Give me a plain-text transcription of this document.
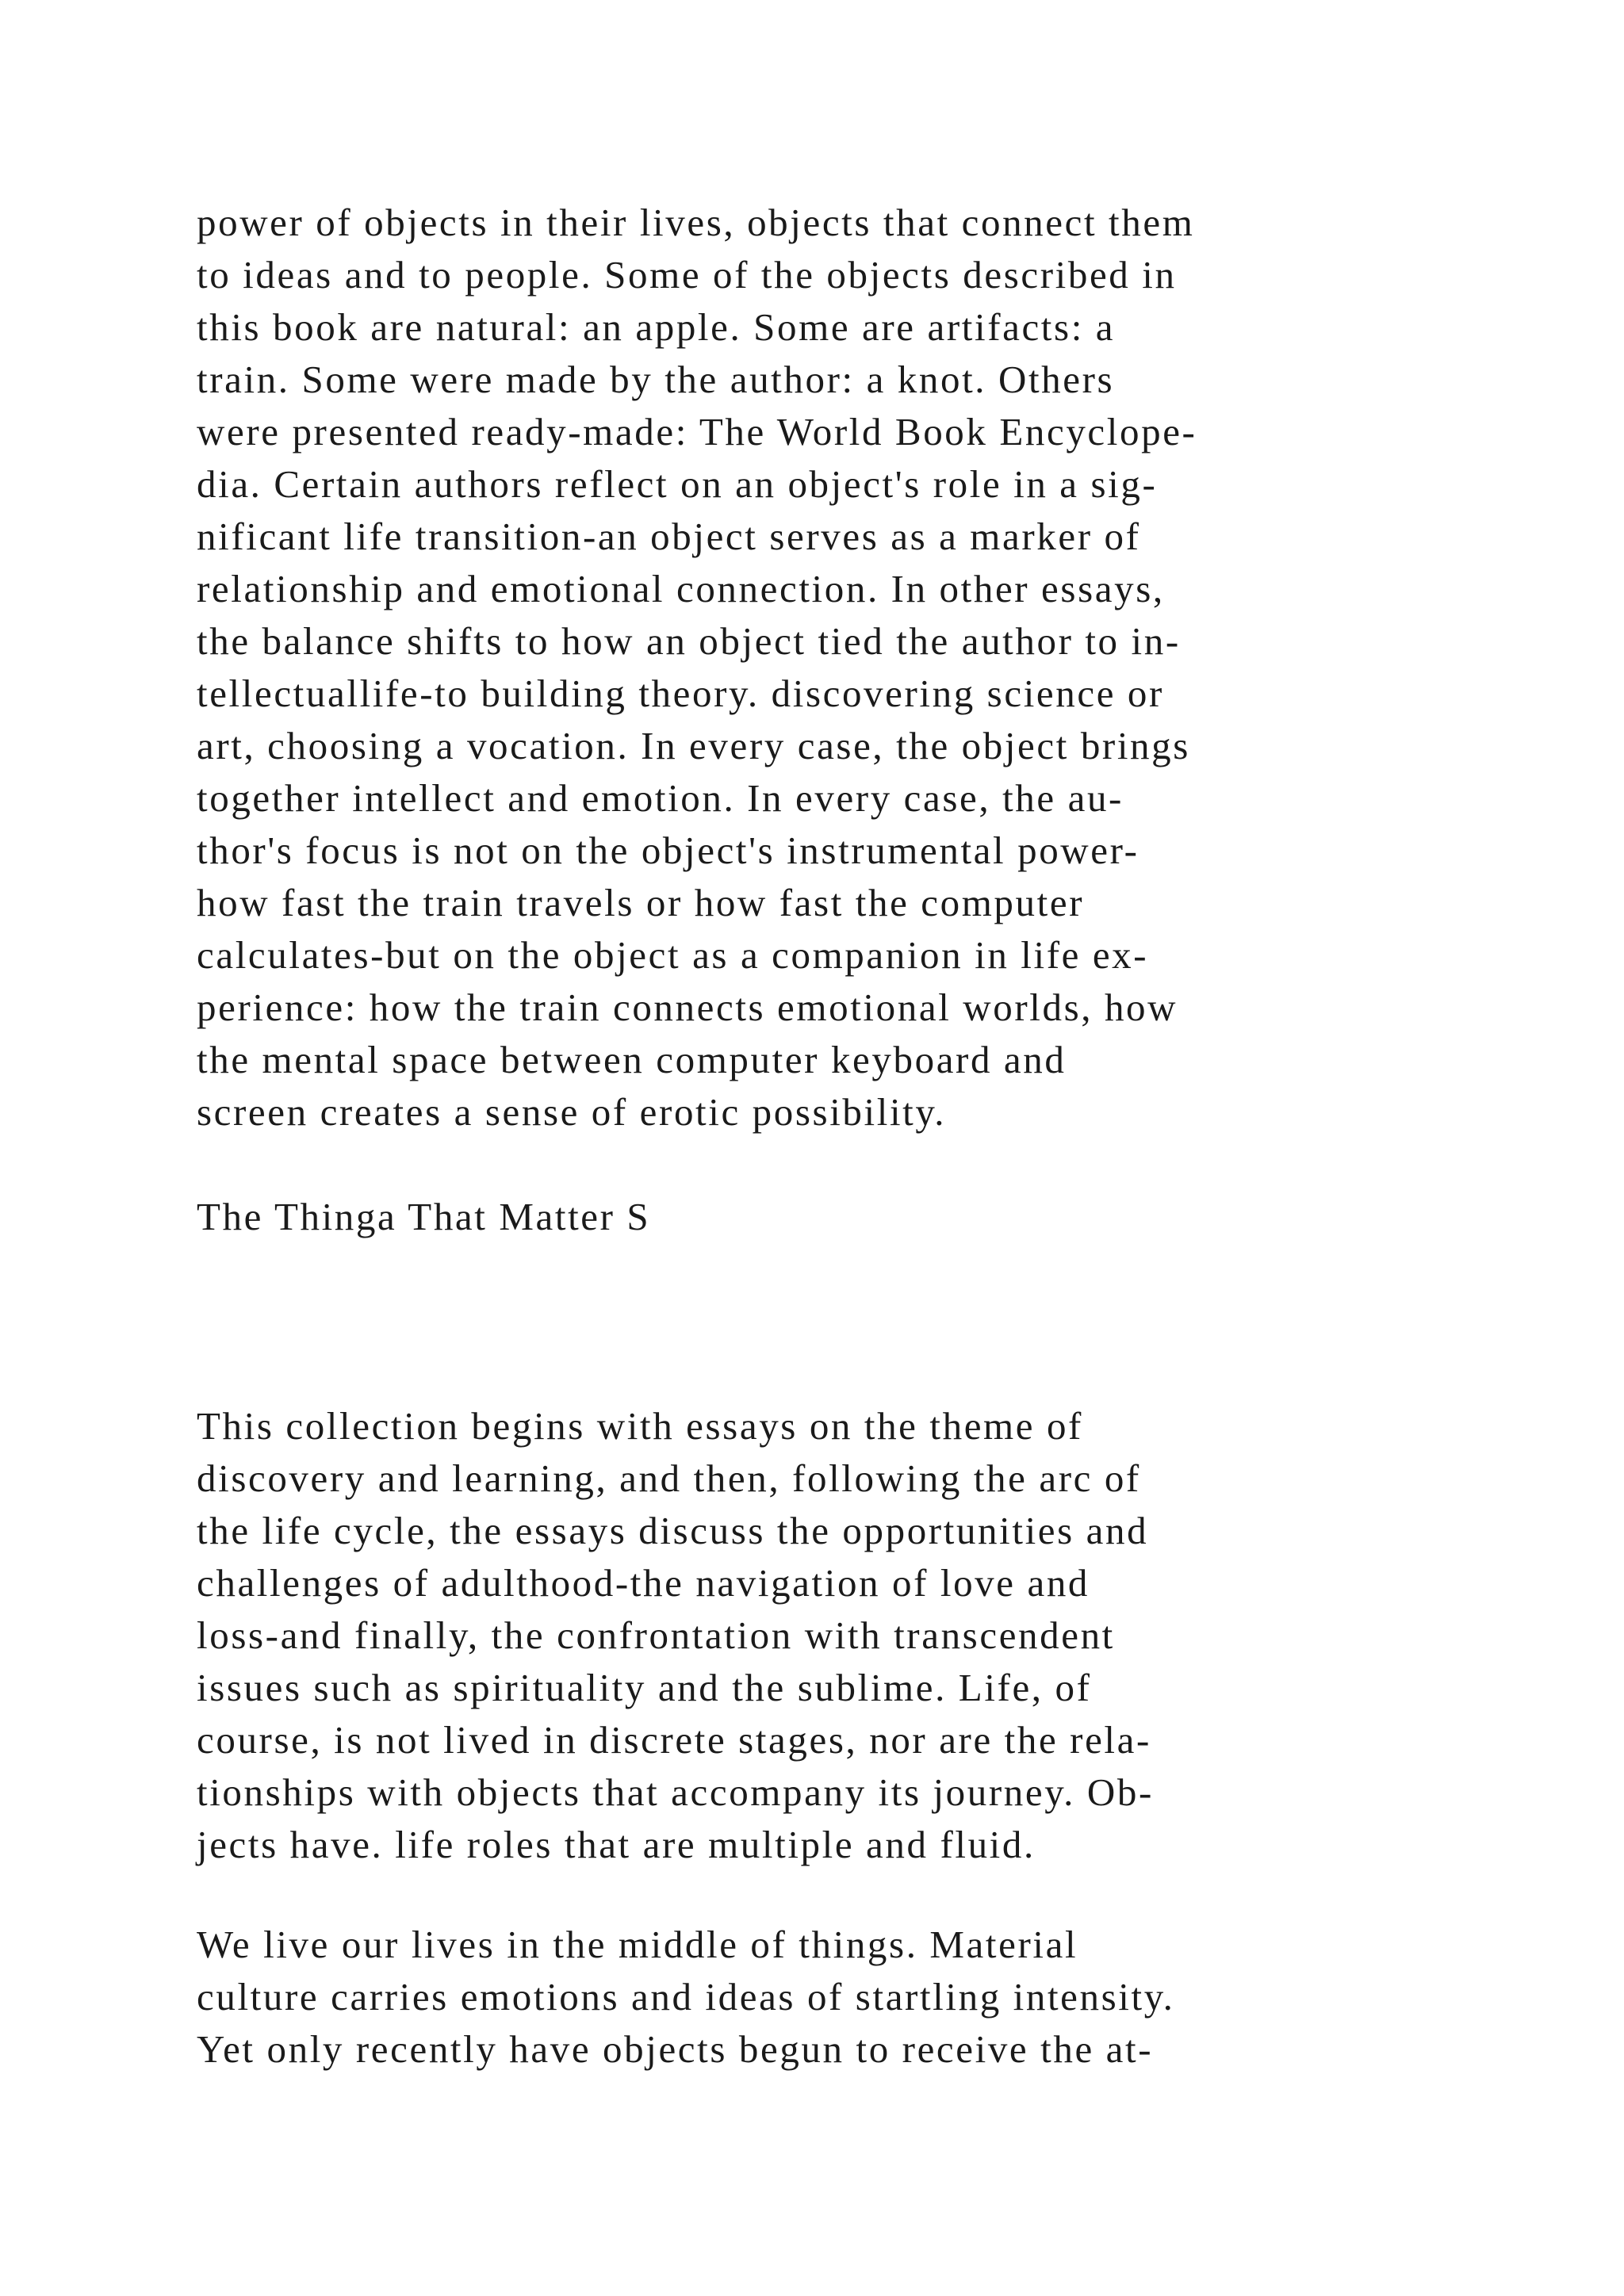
power of objects in their lives, objects that connect them
to ideas and to people. Some of the objects described in
this book are natural: an apple. Some are artifacts: a
train. Some were made by the author: a knot. Others
were presented ready-made: The World Book Encyclope-
dia. Certain authors reflect on an object's role in a sig-
nificant life transition-an object serves as a marker of
relationship and emotional connection. In other essays,
the balance shifts to how an object tied the author to in-
tellectuallife-to building theory. discovering science or
art, choosing a vocation. In every case, the object brings
together intellect and emotion. In every case, the au-
thor's focus is not on the object's instrumental power-
how fast the train travels or how fast the computer
calculates-but on the object as a companion in life ex-
perience: how the train connects emotional worlds, how
the mental space between computer keyboard and
screen creates a sense of erotic possibility.
The Thinga That Matter S
This collection begins with essays on the theme of
discovery and learning, and then, following the arc of
the life cycle, the essays discuss the opportunities and
challenges of adulthood-the navigation of love and
loss-and finally, the confrontation with transcendent
issues such as spirituality and the sublime. Life, of
course, is not lived in discrete stages, nor are the rela-
tionships with objects that accompany its journey. Ob-
jects have. life roles that are multiple and fluid.
We live our lives in the middle of things. Material
culture carries emotions and ideas of startling intensity.
Yet only recently have objects begun to receive the at-
